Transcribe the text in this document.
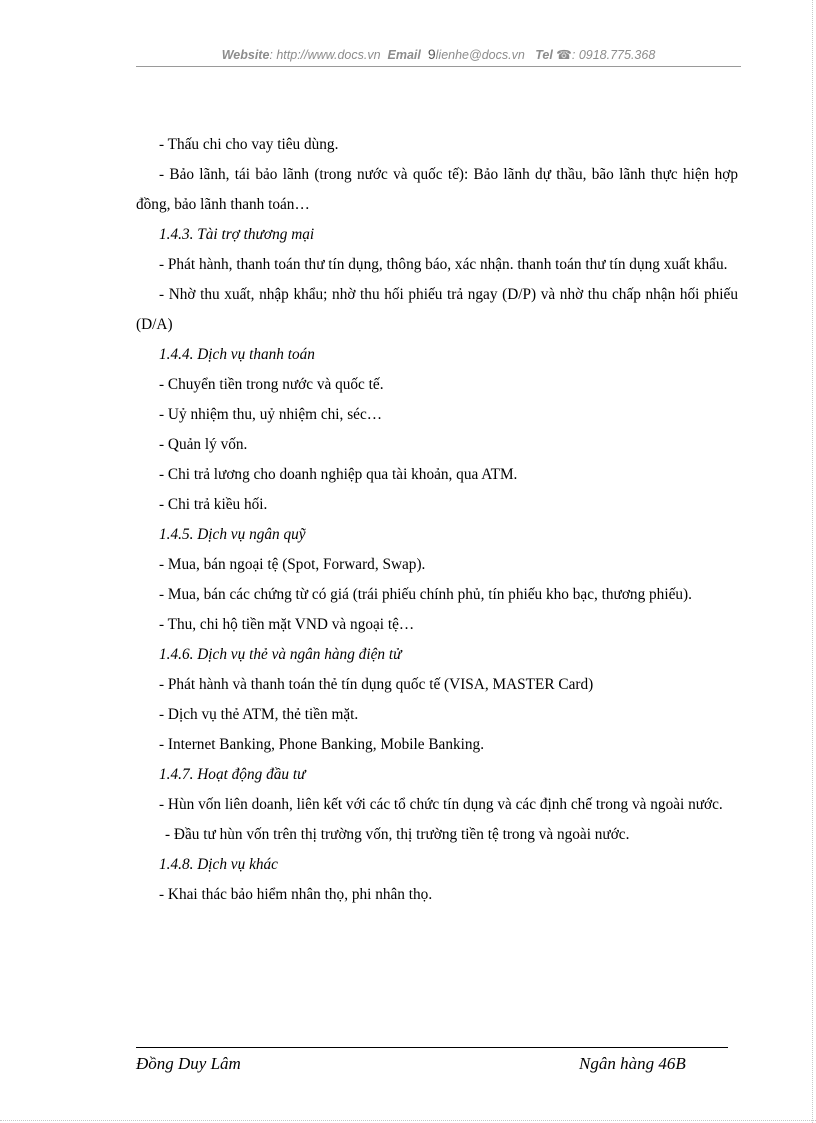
Website: http://www.docs.vn Email 9lienhe@docs.vn Tel ☎: 0918.775.368

- Thấu chi cho vay tiêu dùng.

- Bảo lãnh, tái bảo lãnh (trong nước và quốc tế): Bảo lãnh dự thầu, bão lãnh thực hiện hợp đồng, bảo lãnh thanh toán…

1.4.3. Tài trợ thương mại

- Phát hành, thanh toán thư tín dụng, thông báo, xác nhận. thanh toán thư tín dụng xuất khẩu.

- Nhờ thu xuất, nhập khẩu; nhờ thu hối phiếu trả ngay (D/P) và nhờ thu chấp nhận hối phiếu (D/A)

1.4.4. Dịch vụ thanh toán

- Chuyển tiền trong nước và quốc tế.

- Uỷ nhiệm thu, uỷ nhiệm chi, séc…

- Quản lý vốn.

- Chi trả lương cho doanh nghiệp qua tài khoản, qua ATM.

- Chi trả kiều hối.

1.4.5. Dịch vụ ngân quỹ

- Mua, bán ngoại tệ (Spot, Forward, Swap).

- Mua, bán các chứng từ có giá (trái phiếu chính phủ, tín phiếu kho bạc, thương phiếu).

- Thu, chi hộ tiền mặt VND và ngoại tệ…

1.4.6. Dịch vụ thẻ và ngân hàng điện tử

- Phát hành và thanh toán thẻ tín dụng quốc tế (VISA, MASTER Card)

- Dịch vụ thẻ ATM, thẻ tiền mặt.

- Internet Banking, Phone Banking, Mobile Banking.

1.4.7. Hoạt động đầu tư

- Hùn vốn liên doanh, liên kết với các tổ chức tín dụng và các định chế trong và ngoài nước.

- Đầu tư hùn vốn trên thị trường vốn, thị trường tiền tệ trong và ngoài nước.

1.4.8. Dịch vụ khác

- Khai thác bảo hiểm nhân thọ, phi nhân thọ.

Đồng Duy Lâm	Ngân hàng 46B
